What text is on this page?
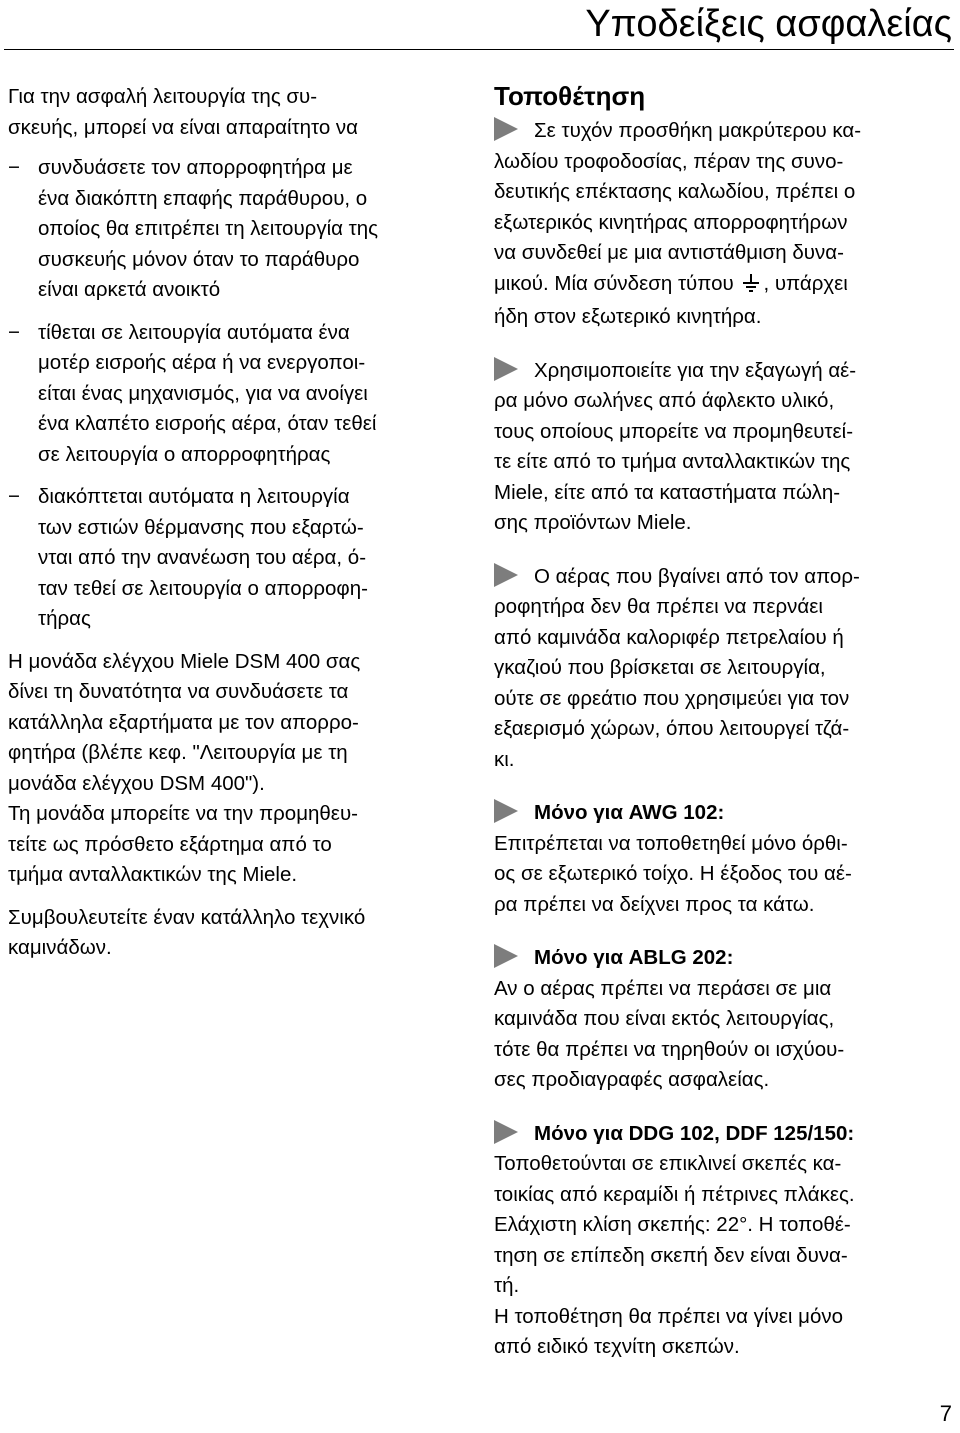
Υποδείξεις ασφαλείας
Για την ασφαλή λειτουργία της συ-
σκευής, μπορεί να είναι απαραίτητο να
− συνδυάσετε τον απορροφητήρα με
ένα διακόπτη επαφής παράθυρου, ο
οποίος θα επιτρέπει τη λειτουργία της
συσκευής μόνον όταν το παράθυρο
είναι αρκετά ανοικτό
− τίθεται σε λειτουργία αυτόματα ένα
μοτέρ εισροής αέρα ή να ενεργοποι-
είται ένας μηχανισμός, για να ανοίγει
ένα κλαπέτο εισροής αέρα, όταν τεθεί
σε λειτουργία ο απορροφητήρας
− διακόπτεται αυτόματα η λειτουργία
των εστιών θέρμανσης που εξαρτώ-
νται από την ανανέωση του αέρα, ό-
ταν τεθεί σε λειτουργία ο απορροφη-
τήρας
Η μονάδα ελέγχου Miele DSM 400 σας
δίνει τη δυνατότητα να συνδυάσετε τα
κατάλληλα εξαρτήματα με τον απορρο-
φητήρα (βλέπε κεφ. "Λειτουργία με τη
μονάδα ελέγχου DSM 400").
Τη μονάδα μπορείτε να την προμηθευ-
τείτε ως πρόσθετο εξάρτημα από το
τμήμα ανταλλακτικών της Miele.
Συμβουλευτείτε έναν κατάλληλο τεχνικό
καμινάδων.
Τοποθέτηση
Σε τυχόν προσθήκη μακρύτερου κα-
λωδίου τροφοδοσίας, πέραν της συνο-
δευτικής επέκτασης καλωδίου, πρέπει ο
εξωτερικός κινητήρας απορροφητήρων
να συνδεθεί με μια αντιστάθμιση δυνα-
μικού. Μία σύνδεση τύπου , υπάρχει
ήδη στον εξωτερικό κινητήρα.
Χρησιμοποιείτε για την εξαγωγή αέ-
ρα μόνο σωλήνες από άφλεκτο υλικό,
τους οποίους μπορείτε να προμηθευτεί-
τε είτε από το τμήμα ανταλλακτικών της
Miele, είτε από τα καταστήματα πώλη-
σης προϊόντων Miele.
Ο αέρας που βγαίνει από τον απορ-
ροφητήρα δεν θα πρέπει να περνάει
από καμινάδα καλοριφέρ πετρελαίου ή
γκαζιού που βρίσκεται σε λειτουργία,
ούτε σε φρεάτιο που χρησιμεύει για τον
εξαερισμό χώρων, όπου λειτουργεί τζά-
κι.
Μόνο για AWG 102:
Επιτρέπεται να τοποθετηθεί μόνο όρθι-
ος σε εξωτερικό τοίχο. Η έξοδος του αέ-
ρα πρέπει να δείχνει προς τα κάτω.
Μόνο για ABLG 202:
Αν ο αέρας πρέπει να περάσει σε μια
καμινάδα που είναι εκτός λειτουργίας,
τότε θα πρέπει να τηρηθούν οι ισχύου-
σες προδιαγραφές ασφαλείας.
Μόνο για DDG 102, DDF 125/150:
Τοποθετούνται σε επικλινεί σκεπές κα-
τοικίας από κεραμίδι ή πέτρινες πλάκες.
Ελάχιστη κλίση σκεπής: 22°. Η τοποθέ-
τηση σε επίπεδη σκεπή δεν είναι δυνα-
τή.
Η τοποθέτηση θα πρέπει να γίνει μόνο
από ειδικό τεχνίτη σκεπών.
7
